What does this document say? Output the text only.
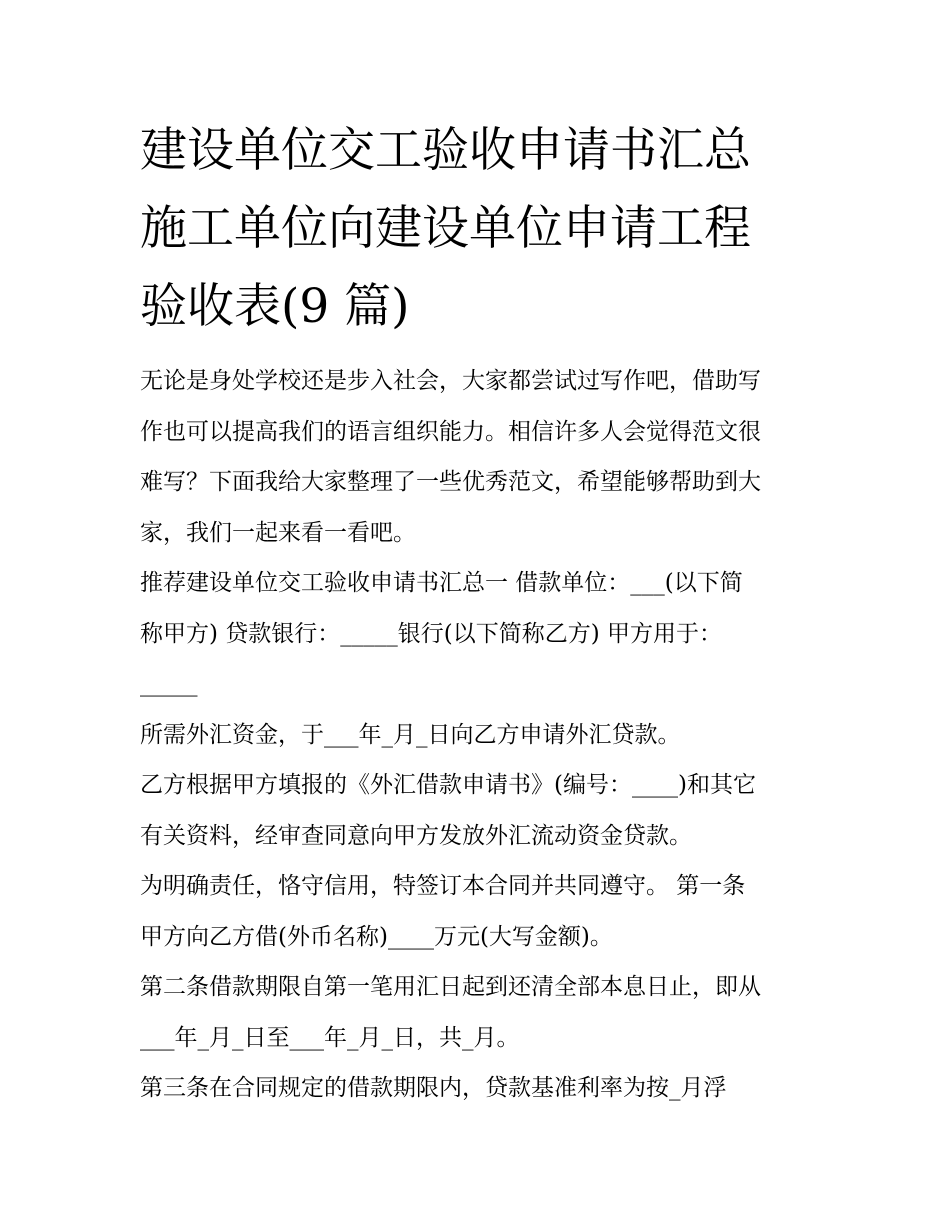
建设单位交工验收申请书汇总
施工单位向建设单位申请工程
验收表(9 篇)
无论是身处学校还是步入社会，大家都尝试过写作吧，借助写
作也可以提高我们的语言组织能力。相信许多人会觉得范文很
难写？下面我给大家整理了一些优秀范文，希望能够帮助到大
家，我们一起来看一看吧。
推荐建设单位交工验收申请书汇总一 借款单位：___(以下简
称甲方) 贷款银行：_____银行(以下简称乙方) 甲方用于：
_____
所需外汇资金，于___年_月_日向乙方申请外汇贷款。
乙方根据甲方填报的《外汇借款申请书》(编号：____)和其它
有关资料，经审查同意向甲方发放外汇流动资金贷款。
为明确责任，恪守信用，特签订本合同并共同遵守。 第一条
甲方向乙方借(外币名称)____万元(大写金额)。
第二条借款期限自第一笔用汇日起到还清全部本息日止，即从
___年_月_日至___年_月_日，共_月。
第三条在合同规定的借款期限内，贷款基准利率为按_月浮
